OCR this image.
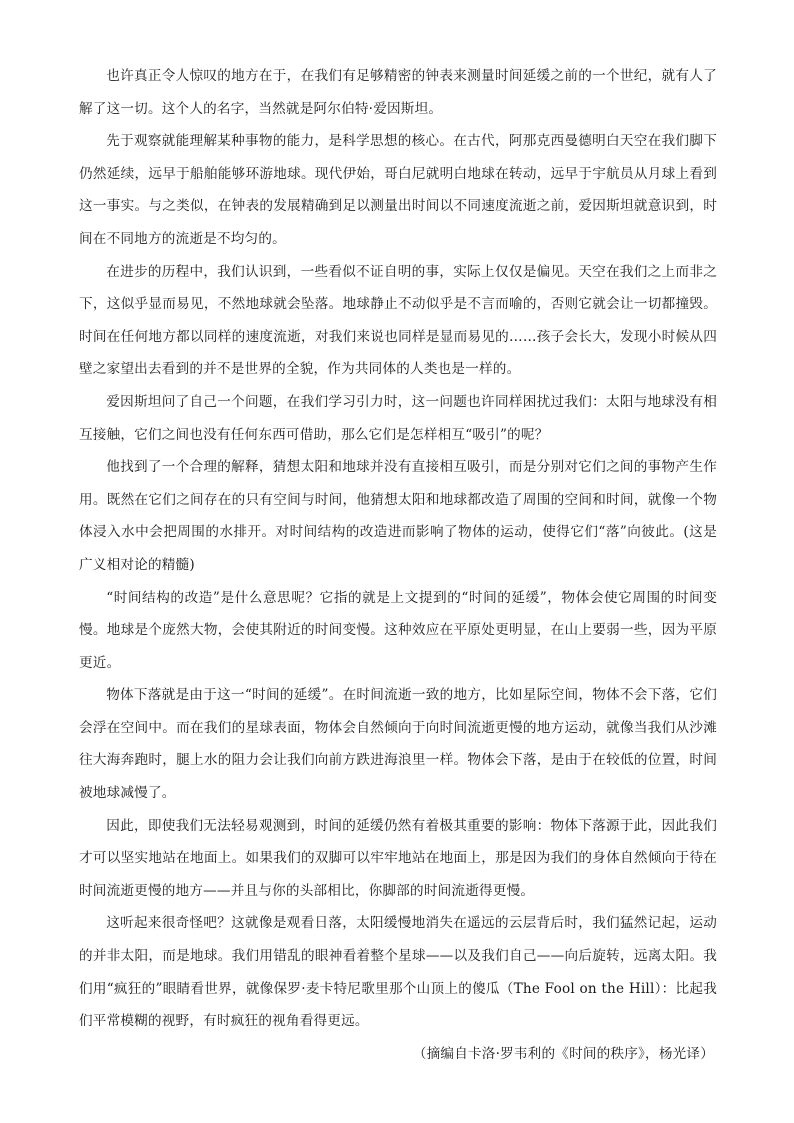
也许真正令人惊叹的地方在于，在我们有足够精密的钟表来测量时间延缓之前的一个世纪，就有人了解了这一切。这个人的名字，当然就是阿尔伯特·爱因斯坦。

先于观察就能理解某种事物的能力，是科学思想的核心。在古代，阿那克西曼德明白天空在我们脚下仍然延续，远早于船舶能够环游地球。现代伊始，哥白尼就明白地球在转动，远早于宇航员从月球上看到这一事实。与之类似，在钟表的发展精确到足以测量出时间以不同速度流逝之前，爱因斯坦就意识到，时间在不同地方的流逝是不均匀的。

在进步的历程中，我们认识到，一些看似不证自明的事，实际上仅仅是偏见。天空在我们之上而非之下，这似乎显而易见，不然地球就会坠落。地球静止不动似乎是不言而喻的，否则它就会让一切都撞毁。时间在任何地方都以同样的速度流逝，对我们来说也同样是显而易见的……孩子会长大，发现小时候从四壁之家望出去看到的并不是世界的全貌，作为共同体的人类也是一样的。

爱因斯坦问了自己一个问题，在我们学习引力时，这一问题也许同样困扰过我们：太阳与地球没有相互接触，它们之间也没有任何东西可借助，那么它们是怎样相互“吸引”的呢？

他找到了一个合理的解释，猜想太阳和地球并没有直接相互吸引，而是分别对它们之间的事物产生作用。既然在它们之间存在的只有空间与时间，他猜想太阳和地球都改造了周围的空间和时间，就像一个物体浸入水中会把周围的水排开。对时间结构的改造进而影响了物体的运动，使得它们“落”向彼此。(这是广义相对论的精髓)

“时间结构的改造”是什么意思呢？它指的就是上文提到的“时间的延缓”，物体会使它周围的时间变慢。地球是个庞然大物，会使其附近的时间变慢。这种效应在平原处更明显，在山上要弱一些，因为平原更近。

物体下落就是由于这一“时间的延缓”。在时间流逝一致的地方，比如星际空间，物体不会下落，它们会浮在空间中。而在我们的星球表面，物体会自然倾向于向时间流逝更慢的地方运动，就像当我们从沙滩往大海奔跑时，腿上水的阻力会让我们向前方跌进海浪里一样。物体会下落，是由于在较低的位置，时间被地球减慢了。

因此，即使我们无法轻易观测到，时间的延缓仍然有着极其重要的影响：物体下落源于此，因此我们才可以坚实地站在地面上。如果我们的双脚可以牢牢地站在地面上，那是因为我们的身体自然倾向于待在时间流逝更慢的地方——并且与你的头部相比，你脚部的时间流逝得更慢。

这听起来很奇怪吧？这就像是观看日落，太阳缓慢地消失在遥远的云层背后时，我们猛然记起，运动的并非太阳，而是地球。我们用错乱的眼神看着整个星球——以及我们自己——向后旋转，远离太阳。我们用“疯狂的”眼睛看世界，就像保罗·麦卡特尼歌里那个山顶上的傻瓜（The Fool on the Hill）：比起我们平常模糊的视野，有时疯狂的视角看得更远。

（摘编自卡洛·罗韦利的《时间的秩序》，杨光译）
